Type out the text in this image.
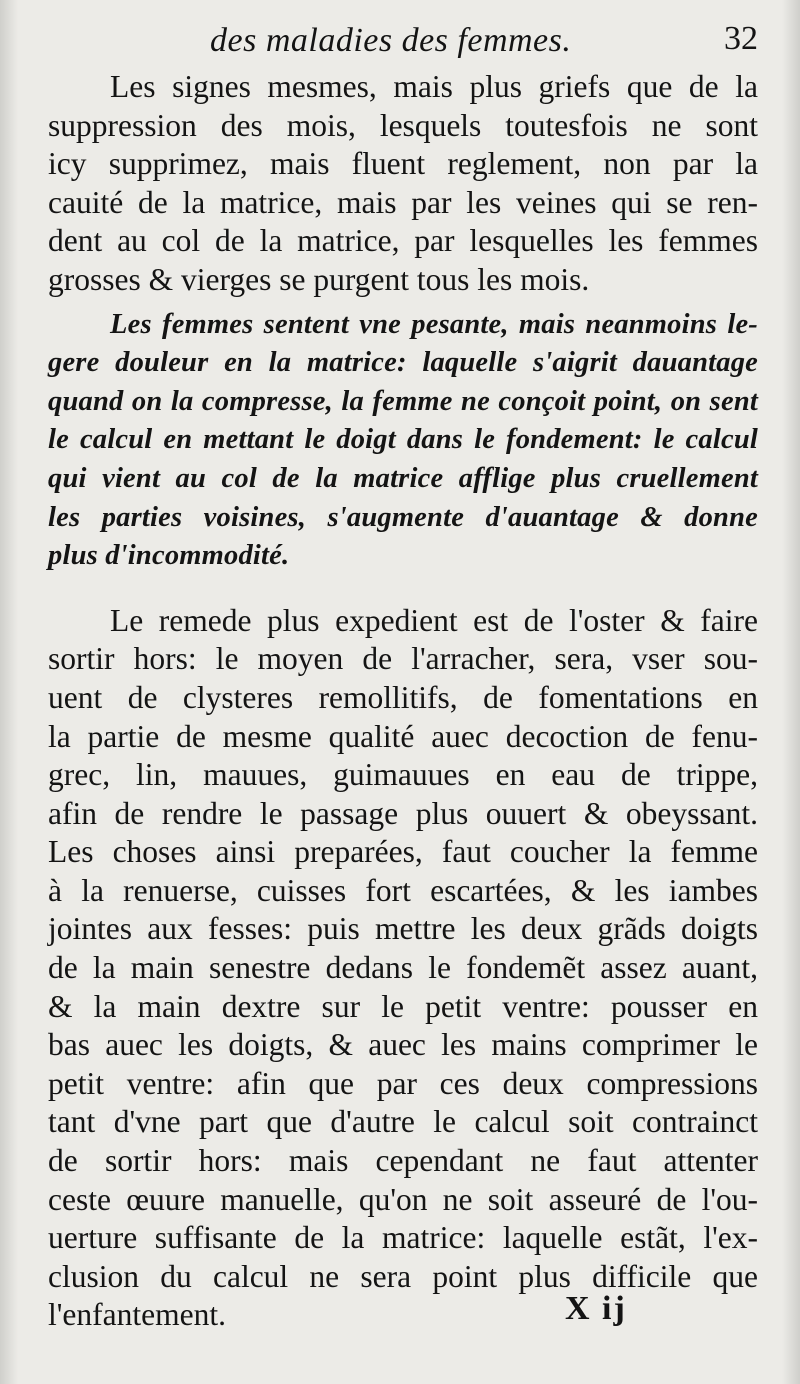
des maladies des femmes.	32
Les signes mesmes, mais plus griefs que de la
suppression des mois, lesquels toutesfois ne sont
icy supprimez, mais fluent reglement, non par la
cauité de la matrice, mais par les veines qui se ren-
dent au col de la matrice, par lesquelles les femmes
grosses & vierges se purgent tous les mois.
Les femmes sentent vne pesante, mais neanmoins le-
gere douleur en la matrice: laquelle s'aigrit dauantage
quand on la compresse, la femme ne conçoit point, on sent
le calcul en mettant le doigt dans le fondement: le calcul
qui vient au col de la matrice afflige plus cruellement
les parties voisines, s'augmente d'auantage & donne
plus d'incommodité.
Le remede plus expedient est de l'oster & faire
sortir hors: le moyen de l'arracher, sera, vser sou-
uent de clysteres remollitifs, de fomentations en
la partie de mesme qualité auec decoction de fenu-
grec, lin, mauues, guimauues en eau de trippe,
afin de rendre le passage plus ouuert & obeyssant.
Les choses ainsi preparées, faut coucher la femme
à la renuerse, cuisses fort escartées, & les iambes
jointes aux fesses: puis mettre les deux grãds doigts
de la main senestre dedans le fondemẽt assez auant,
& la main dextre sur le petit ventre: pousser en
bas auec les doigts, & auec les mains comprimer le
petit ventre: afin que par ces deux compressions
tant d'vne part que d'autre le calcul soit contrainct
de sortir hors: mais cependant ne faut attenter
ceste œuure manuelle, qu'on ne soit asseuré de l'ou-
uerture suffisante de la matrice: laquelle estãt, l'ex-
clusion du calcul ne sera point plus difficile que
l'enfantement.	X ij
